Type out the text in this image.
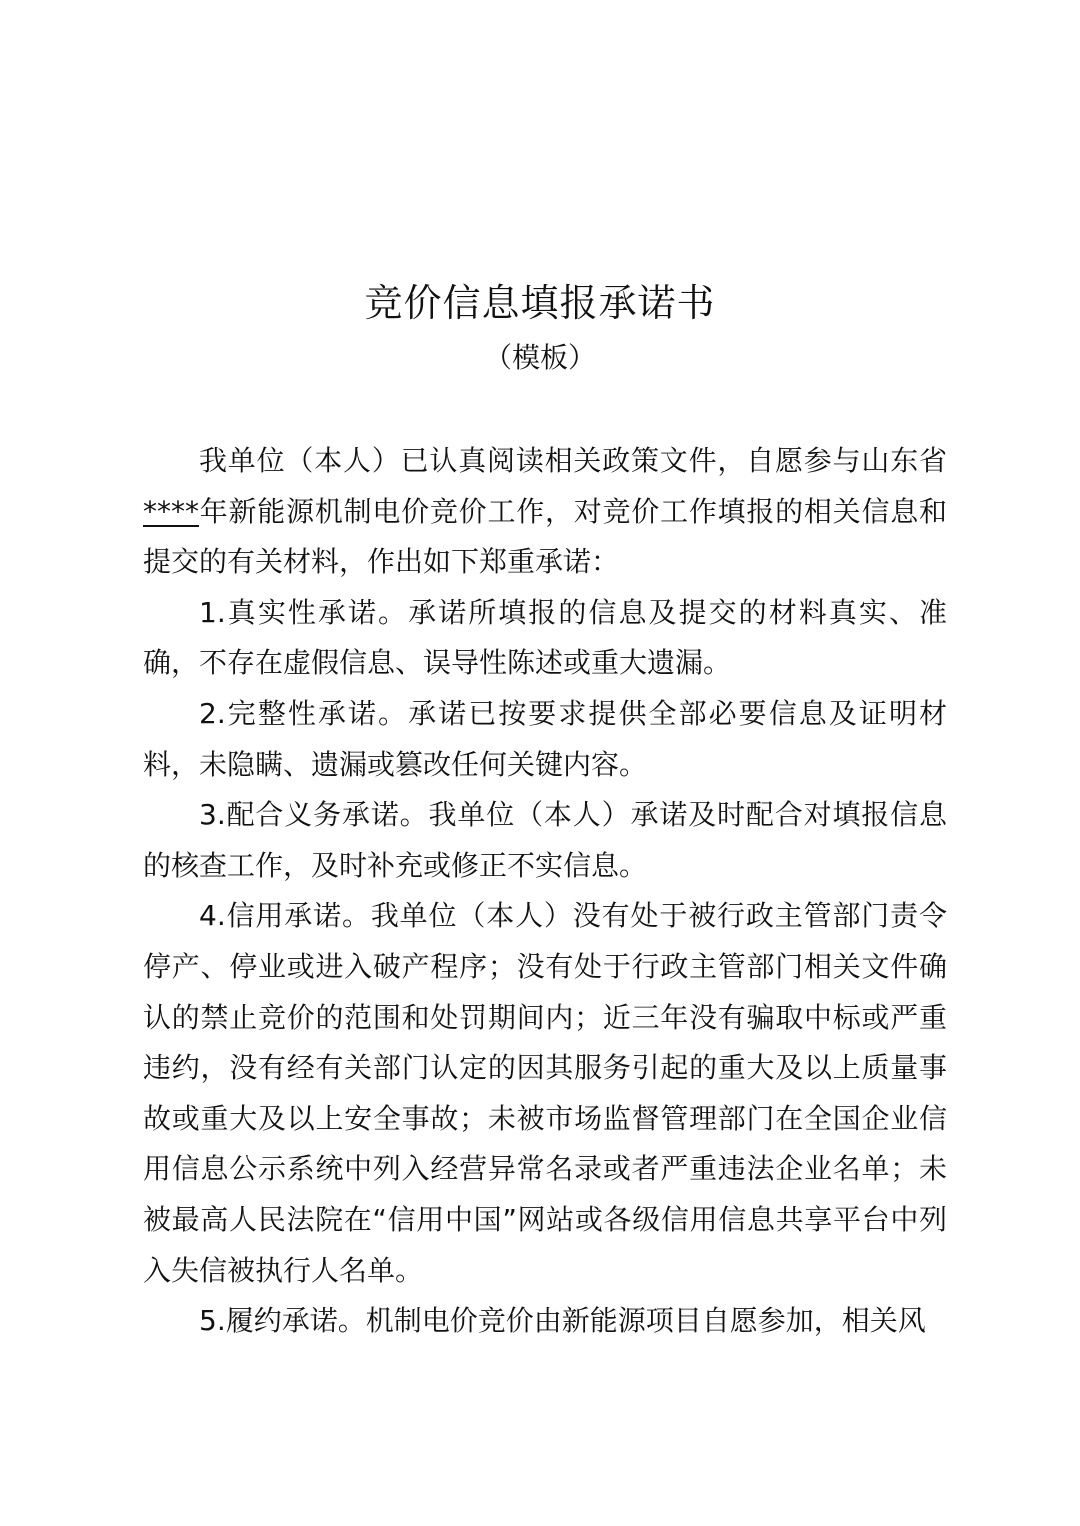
竞价信息填报承诺书
（模板）

我单位（本人）已认真阅读相关政策文件，自愿参与山东省****年新能源机制电价竞价工作，对竞价工作填报的相关信息和提交的有关材料，作出如下郑重承诺：

1.真实性承诺。承诺所填报的信息及提交的材料真实、准确，不存在虚假信息、误导性陈述或重大遗漏。

2.完整性承诺。承诺已按要求提供全部必要信息及证明材料，未隐瞒、遗漏或篡改任何关键内容。

3.配合义务承诺。我单位（本人）承诺及时配合对填报信息的核查工作，及时补充或修正不实信息。

4.信用承诺。我单位（本人）没有处于被行政主管部门责令停产、停业或进入破产程序；没有处于行政主管部门相关文件确认的禁止竞价的范围和处罚期间内；近三年没有骗取中标或严重违约，没有经有关部门认定的因其服务引起的重大及以上质量事故或重大及以上安全事故；未被市场监督管理部门在全国企业信用信息公示系统中列入经营异常名录或者严重违法企业名单；未被最高人民法院在“信用中国”网站或各级信用信息共享平台中列入失信被执行人名单。

5.履约承诺。机制电价竞价由新能源项目自愿参加，相关风
